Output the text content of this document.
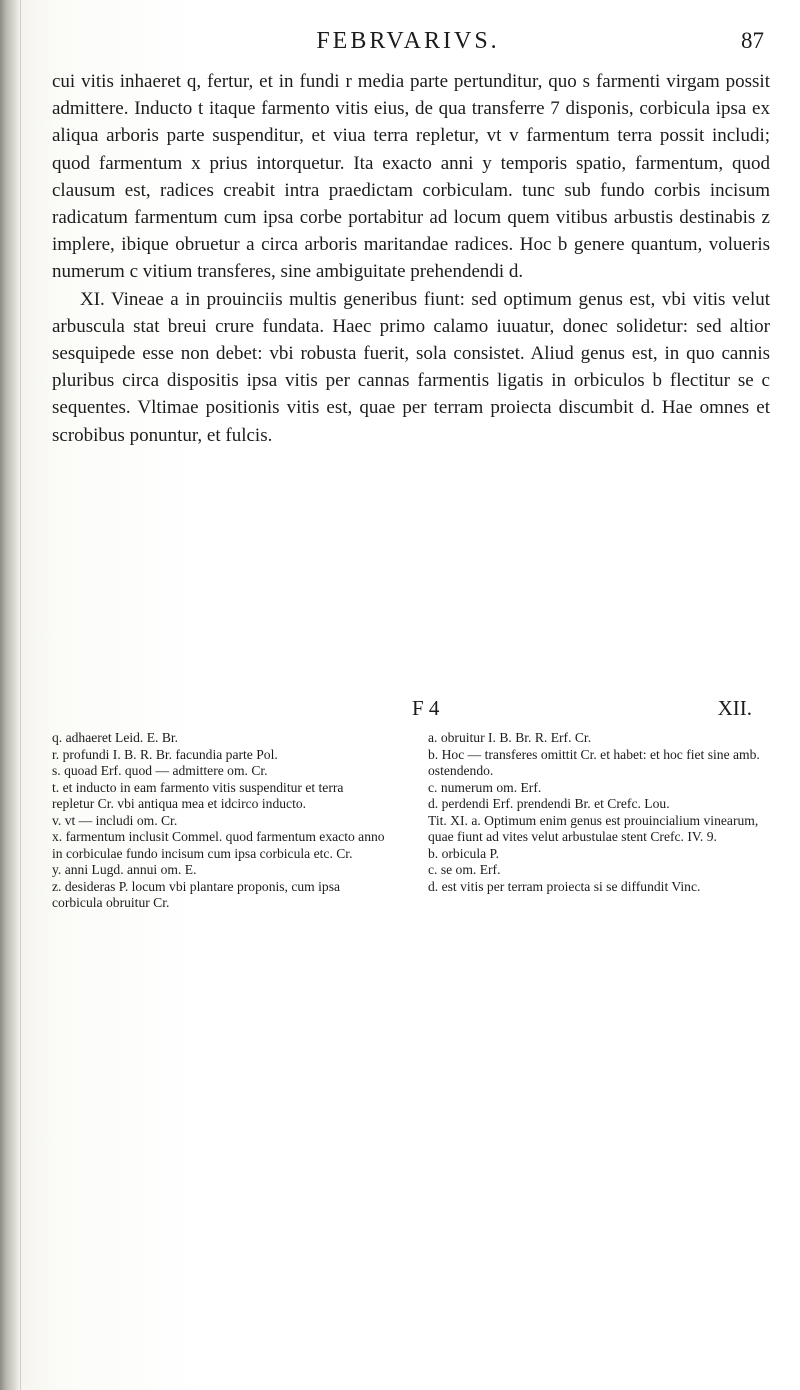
FEBRVARIVS.	87

cui vitis inhaeret q, fertur, et in fundi r media parte pertunditur, quo s farmenti virgam possit admittere. Inducto t itaque farmento vitis eius, de qua transferre 7 disponis, corbicula ipsa ex aliqua arboris parte suspenditur, et viua terra repletur, vt v farmentum terra possit includi; quod farmentum x prius intorquetur. Ita exacto anni y temporis spatio, farmentum, quod clausum est, radices creabit intra praedictam corbiculam. tunc sub fundo corbis incisum radicatum farmentum cum ipsa corbe portabitur ad locum quem vitibus arbustis destinabis z implere, ibique obruetur a circa arboris maritandae radices. Hoc b genere quantum, volueris numerum c vitium transferes, sine ambiguitate prehendendi d.

XI. Vineae a in prouinciis multis generibus fiunt: sed optimum genus est, vbi vitis velut arbuscula stat breui crure fundata. Haec primo calamo iuuatur, donec solidetur: sed altior sesquipede esse non debet: vbi robusta fuerit, sola consistet. Aliud genus est, in quo cannis pluribus circa dispositis ipsa vitis per cannas farmentis ligatis in orbiculos b flectitur se c sequentes. Vltimae positionis vitis est, quae per terram proiecta discumbit d. Hae omnes et scrobibus ponuntur, et fulcis.

F 4	XII.

q. adhaeret Leid. E. Br.

r. profundi I. B. R. Br. facundia parte Pol.

s. quoad Erf. quod — admittere om. Cr.

t. et inducto in eam farmento vitis suspenditur et terra repletur Cr. vbi antiqua mea et idcirco inducto.

v. vt — includi om. Cr.

x. farmentum inclusit Commel. quod farmentum exacto anno in corbiculae fundo incisum cum ipsa corbicula etc. Cr.

y. anni Lugd. annui om. E.

z. desideras P. locum vbi plantare proponis, cum ipsa corbicula obruitur Cr.

a. obruitur I. B. Br. R. Erf. Cr.

b. Hoc — transferes omittit Cr. et habet: et hoc fiet sine amb. ostendendo.

c. numerum om. Erf.

d. perdendi Erf. prendendi Br. et Crefc. Lou.

Tit. XI. a. Optimum enim genus est prouincialium vinearum, quae fiunt ad vites velut arbustulae stent Crefc. IV. 9.

b. orbicula P.

c. se om. Erf.

d. est vitis per terram proiecta si se diffundit Vinc.
